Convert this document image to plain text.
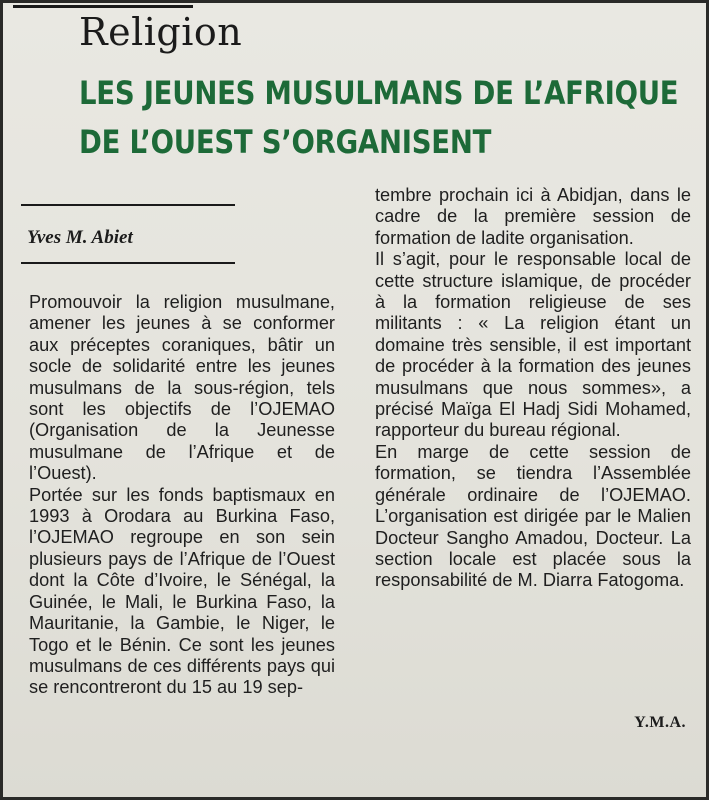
Religion
LES JEUNES MUSULMANS DE L’AFRIQUE
DE L’OUEST S’ORGANISENT
Yves M. Abiet

Promouvoir la religion musulmane, amener les jeunes à se conformer aux préceptes coraniques, bâtir un socle de solidarité entre les jeunes musulmans de la sous-région, tels sont les objectifs de l’OJEMAO (Organisation de la Jeunesse musulmane de l’Afrique et de l’Ouest).

Portée sur les fonds baptismaux en 1993 à Orodara au Burkina Faso, l’OJEMAO regroupe en son sein plusieurs pays de l’Afrique de l’Ouest dont la Côte d’Ivoire, le Sénégal, la Guinée, le Mali, le Burkina Faso, la Mauritanie, la Gambie, le Niger, le Togo et le Bénin. Ce sont les jeunes musulmans de ces différents pays qui se rencontreront du 15 au 19 sep-

tembre prochain ici à Abidjan, dans le cadre de la première session de formation de ladite organisation.

Il s’agit, pour le responsable local de cette structure islamique, de procéder à la formation religieuse de ses militants : « La religion étant un domaine très sensible, il est important de procéder à la formation des jeunes musulmans que nous sommes», a précisé Maïga El Hadj Sidi Mohamed, rapporteur du bureau régional.

En marge de cette session de formation, se tiendra l’Assemblée générale ordinaire de l’OJEMAO. L’organisation est dirigée par le Malien Docteur Sangho Amadou, Docteur. La section locale est placée sous la responsabilité de M. Diarra Fatogoma.

Y.M.A.
